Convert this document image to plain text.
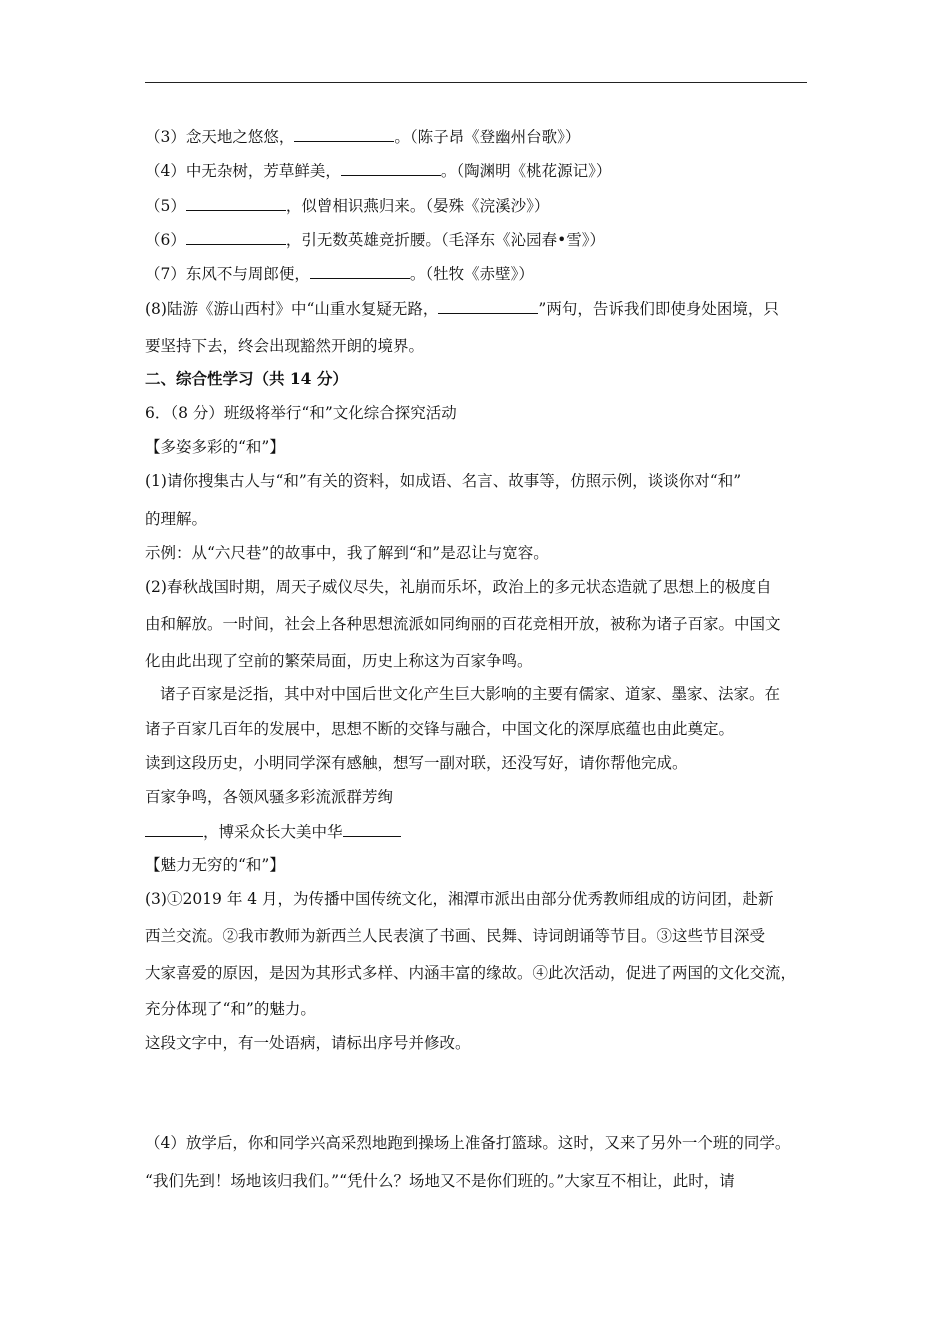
（3）念天地之悠悠，	。（陈子昂《登幽州台歌》）
（4）中无杂树，芳草鲜美，	。（陶渊明《桃花源记》）
（5）	，似曾相识燕归来。（晏殊《浣溪沙》）
（6）	，引无数英雄竞折腰。（毛泽东《沁园春•雪》）
（7）东风不与周郎便，	。（牡牧《赤壁》）
(8)陆游《游山西村》中“山重水复疑无路，	”两句，告诉我们即使身处困境，只
要坚持下去，终会出现豁然开朗的境界。
二、综合性学习（共 14 分）
6．（8 分）班级将举行“和”文化综合探究活动
【多姿多彩的“和”】
(1)请你搜集古人与“和”有关的资料，如成语、名言、故事等，仿照示例，谈谈你对“和”
的理解。
示例：从“六尺巷”的故事中，我了解到“和”是忍让与宽容。
(2)春秋战国时期，周天子威仪尽失，礼崩而乐坏，政治上的多元状态造就了思想上的极度自
由和解放。一时间，社会上各种思想流派如同绚丽的百花竞相开放，被称为诸子百家。中国文
化由此出现了空前的繁荣局面，历史上称这为百家争鸣。
诸子百家是泛指，其中对中国后世文化产生巨大影响的主要有儒家、道家、墨家、法家。在
诸子百家几百年的发展中，思想不断的交锋与融合，中国文化的深厚底蕴也由此奠定。
读到这段历史，小明同学深有感触，想写一副对联，还没写好，请你帮他完成。
百家争鸣，各领风骚多彩流派群芳绚
，博采众长大美中华
【魅力无穷的“和”】
(3)①2019 年 4 月，为传播中国传统文化，湘潭市派出由部分优秀教师组成的访问团，赴新
西兰交流。②我市教师为新西兰人民表演了书画、民舞、诗词朗诵等节目。③这些节目深受
大家喜爱的原因，是因为其形式多样、内涵丰富的缘故。④此次活动，促进了两国的文化交流，
充分体现了“和”的魅力。
这段文字中，有一处语病，请标出序号并修改。
（4）放学后，你和同学兴高采烈地跑到操场上准备打篮球。这时，又来了另外一个班的同学。
“我们先到！场地该归我们。”“凭什么？场地又不是你们班的。”大家互不相让，此时，请
